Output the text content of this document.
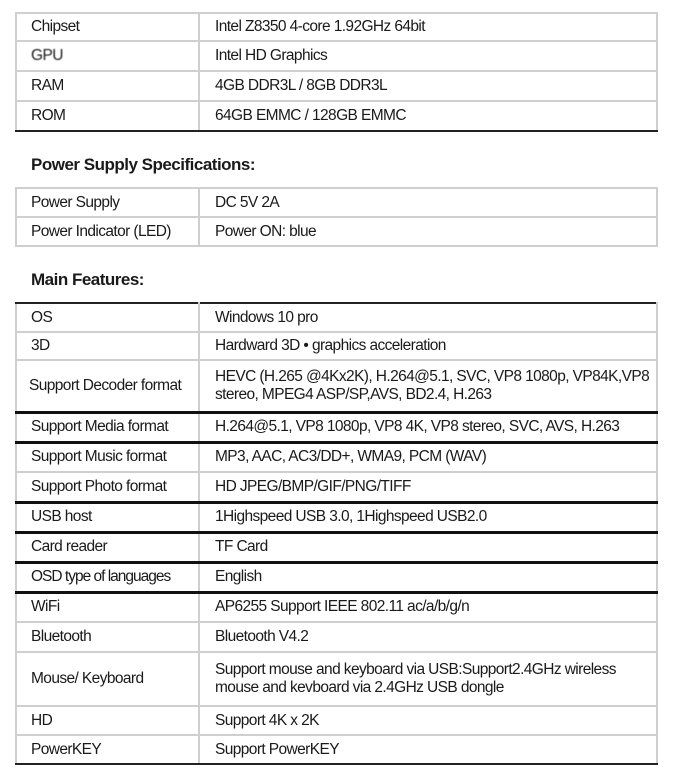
Chipset	Intel Z8350 4-core 1.92GHz 64bit
GPU	Intel HD Graphics
RAM	4GB DDR3L / 8GB DDR3L
ROM	64GB EMMC / 128GB EMMC
Power Supply Specifications:
Power Supply	DC 5V 2A
Power Indicator (LED)	Power ON: blue
Main Features:
OS	Windows 10 pro
3D	Hardward 3D • graphics acceleration
Support Decoder format	HEVC (H.265 @4Kx2K), H.264@5.1, SVC, VP8 1080p, VP84K,VP8 stereo, MPEG4 ASP/SP,AVS, BD2.4, H.263
Support Media format	H.264@5.1, VP8 1080p, VP8 4K, VP8 stereo, SVC, AVS, H.263
Support Music format	MP3, AAC, AC3/DD+, WMA9, PCM (WAV)
Support Photo format	HD JPEG/BMP/GIF/PNG/TIFF
USB host	1Highspeed USB 3.0, 1Highspeed USB2.0
Card reader	TF Card
OSD type of languages	English
WiFi	AP6255 Support IEEE 802.11 ac/a/b/g/n
Bluetooth	Bluetooth V4.2
Mouse/ Keyboard	Support mouse and keyboard via USB:Support2.4GHz wireless mouse and kevboard via 2.4GHz USB dongle
HD	Support 4K x 2K
PowerKEY	Support PowerKEY
